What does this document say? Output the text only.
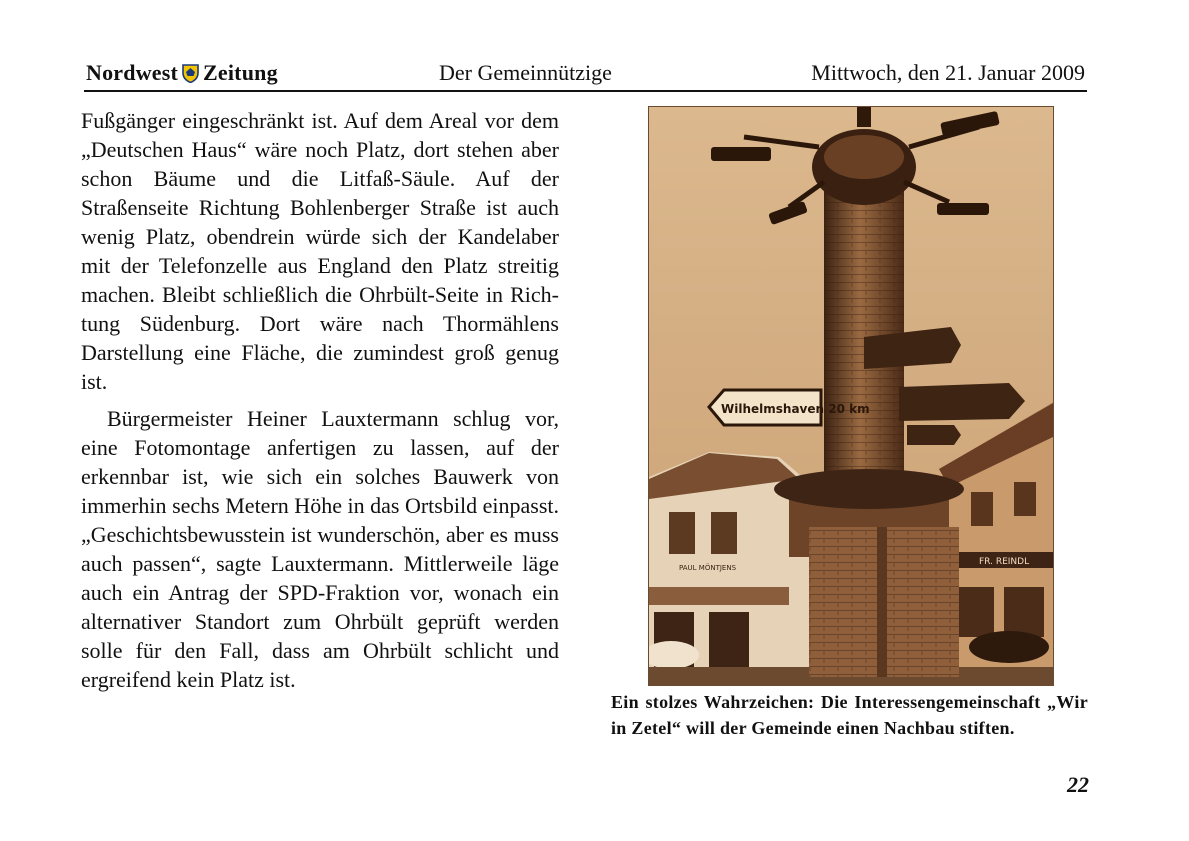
Nordwest Zeitung	Der Gemeinnützige	Mittwoch, den 21. Januar 2009

Fußgänger eingeschränkt ist. Auf dem Areal vor dem „Deutschen Haus“ wäre noch Platz, dort stehen aber schon Bäume und die Litfaß-Säule. Auf der Straßenseite Richtung Bohlenberger Straße ist auch wenig Platz, obendrein würde sich der Kandelaber mit der Telefonzelle aus England den Platz streitig machen. Bleibt schließlich die Ohrbült-Seite in Richtung Südenburg. Dort wäre nach Thormählens Darstellung eine Fläche, die zumindest groß genug ist.

Bürgermeister Heiner Lauxtermann schlug vor, eine Fotomontage anfertigen zu lassen, auf der erkennbar ist, wie sich ein solches Bauwerk von immerhin sechs Metern Höhe in das Ortsbild einpasst. „Geschichtsbewusstein ist wunderschön, aber es muss auch passen“, sagte Lauxtermann. Mittlerweile läge auch ein Antrag der SPD-Fraktion vor, wonach ein alternativer Standort zum Ohrbült geprüft werden solle für den Fall, dass am Ohrbült schlicht und ergreifend kein Platz ist.

PAUL MÖNTJENS
FR. REINDL
Wilhelmshaven 20 km
Ein stolzes Wahrzeichen: Die Interessengemeinschaft „Wir in Zetel“ will der Gemeinde einen Nachbau stiften.
22
